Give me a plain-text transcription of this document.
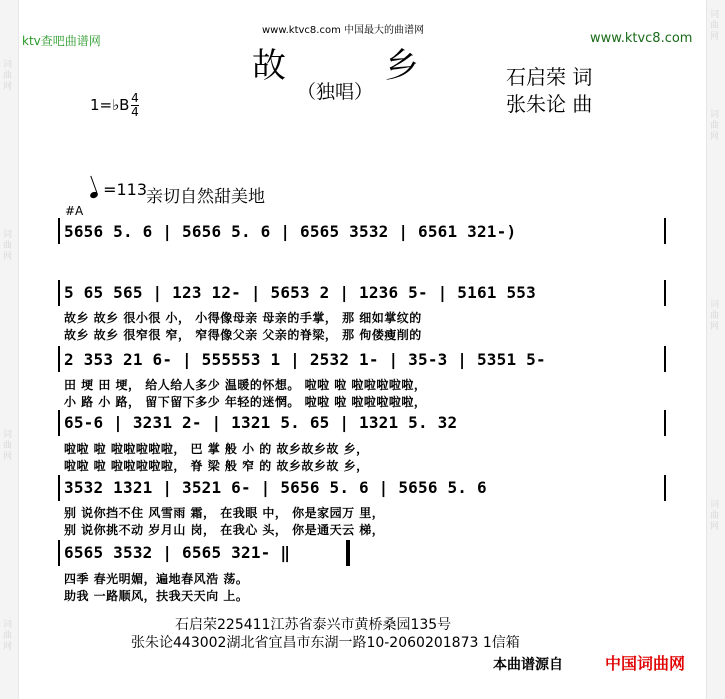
词曲网
词曲网
词曲网
词曲网
词曲网
词曲网
词曲网
词曲网
ktv查吧曲谱网
www.ktvc8.com 中国最大的曲谱网
www.ktvc8.com
故 乡
（独唱）
石启荣 词
张朱论 曲
1=♭B 4
4
=113
亲切自然甜美地
#A
5656 5. 6 | 5656 5. 6 | 6565 3532 | 6561 321-)
5 65 565 | 123 12- | 5653 2 | 1236 5- | 5161 553
故乡 故乡 很小很 小， 小得像母亲 母亲的手掌， 那 细如掌纹的
故乡 故乡 很窄很 窄， 窄得像父亲 父亲的脊梁， 那 佝偻瘦削的
2 353 21 6- | 555553 1 | 2532 1- | 35-3 | 5351 5-
田 埂 田 埂， 给人给人多少 温暖的怀想。 啦啦 啦 啦啦啦啦啦，
小 路 小 路， 留下留下多少 年轻的迷惘。 啦啦 啦 啦啦啦啦啦，
65-6 | 3231 2- | 1321 5. 65 | 1321 5. 32
啦啦 啦 啦啦啦啦啦， 巴 掌 般 小 的 故乡故乡故 乡，
啦啦 啦 啦啦啦啦啦， 脊 梁 般 窄 的 故乡故乡故 乡，
3532 1321 | 3521 6- | 5656 5. 6 | 5656 5. 6
别 说你挡不住 风雪雨 霜， 在我眼 中， 你是家园万 里，
别 说你挑不动 岁月山 岗， 在我心 头， 你是通天云 梯，
6565 3532 | 6565 321- ‖
四季 春光明媚，遍地春风浩 荡。
助我 一路顺风，扶我天天向 上。
石启荣225411江苏省泰兴市黄桥桑园135号
张朱论443002湖北省宜昌市东湖一路10-2060201873 1信箱
本曲谱源自	中国词曲网
